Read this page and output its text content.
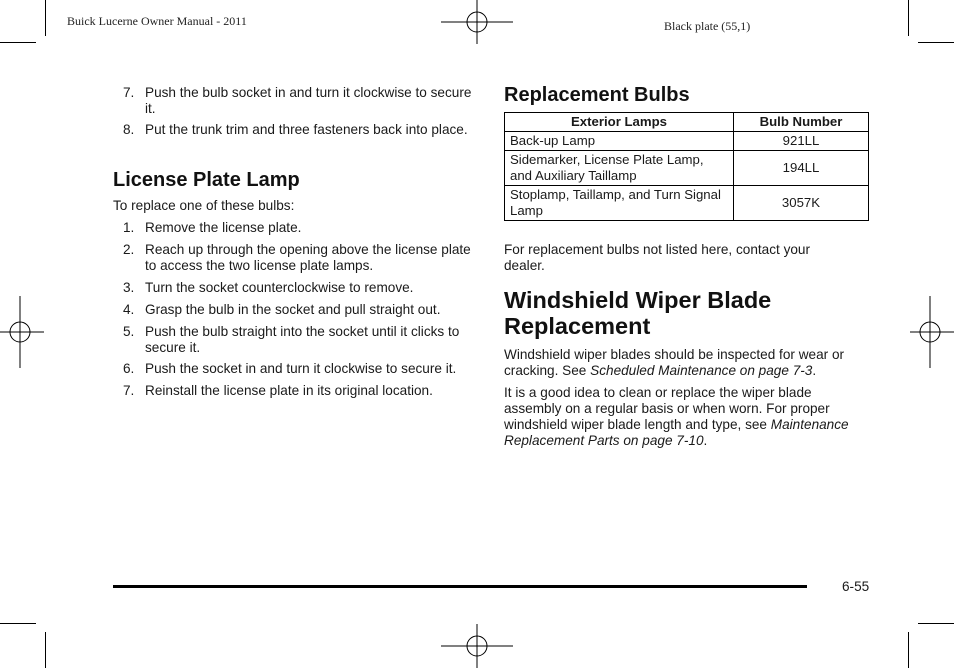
Buick Lucerne Owner Manual - 2011	Black plate (55,1)
7. Push the bulb socket in and turn it clockwise to secure it.
8. Put the trunk trim and three fasteners back into place.
License Plate Lamp

To replace one of these bulbs:

1. Remove the license plate.
2. Reach up through the opening above the license plate to access the two license plate lamps.
3. Turn the socket counterclockwise to remove.
4. Grasp the bulb in the socket and pull straight out.
5. Push the bulb straight into the socket until it clicks to secure it.
6. Push the socket in and turn it clockwise to secure it.
7. Reinstall the license plate in its original location.
Replacement Bulbs
Exterior Lamps	Bulb Number
Back-up Lamp	921LL
Sidemarker, License Plate Lamp, and Auxiliary Taillamp	194LL
Stoplamp, Taillamp, and Turn Signal Lamp	3057K

For replacement bulbs not listed here, contact your dealer.

Windshield Wiper Blade Replacement

Windshield wiper blades should be inspected for wear or cracking. See Scheduled Maintenance on page 7-3.

It is a good idea to clean or replace the wiper blade assembly on a regular basis or when worn. For proper windshield wiper blade length and type, see Maintenance Replacement Parts on page 7-10.

6-55
